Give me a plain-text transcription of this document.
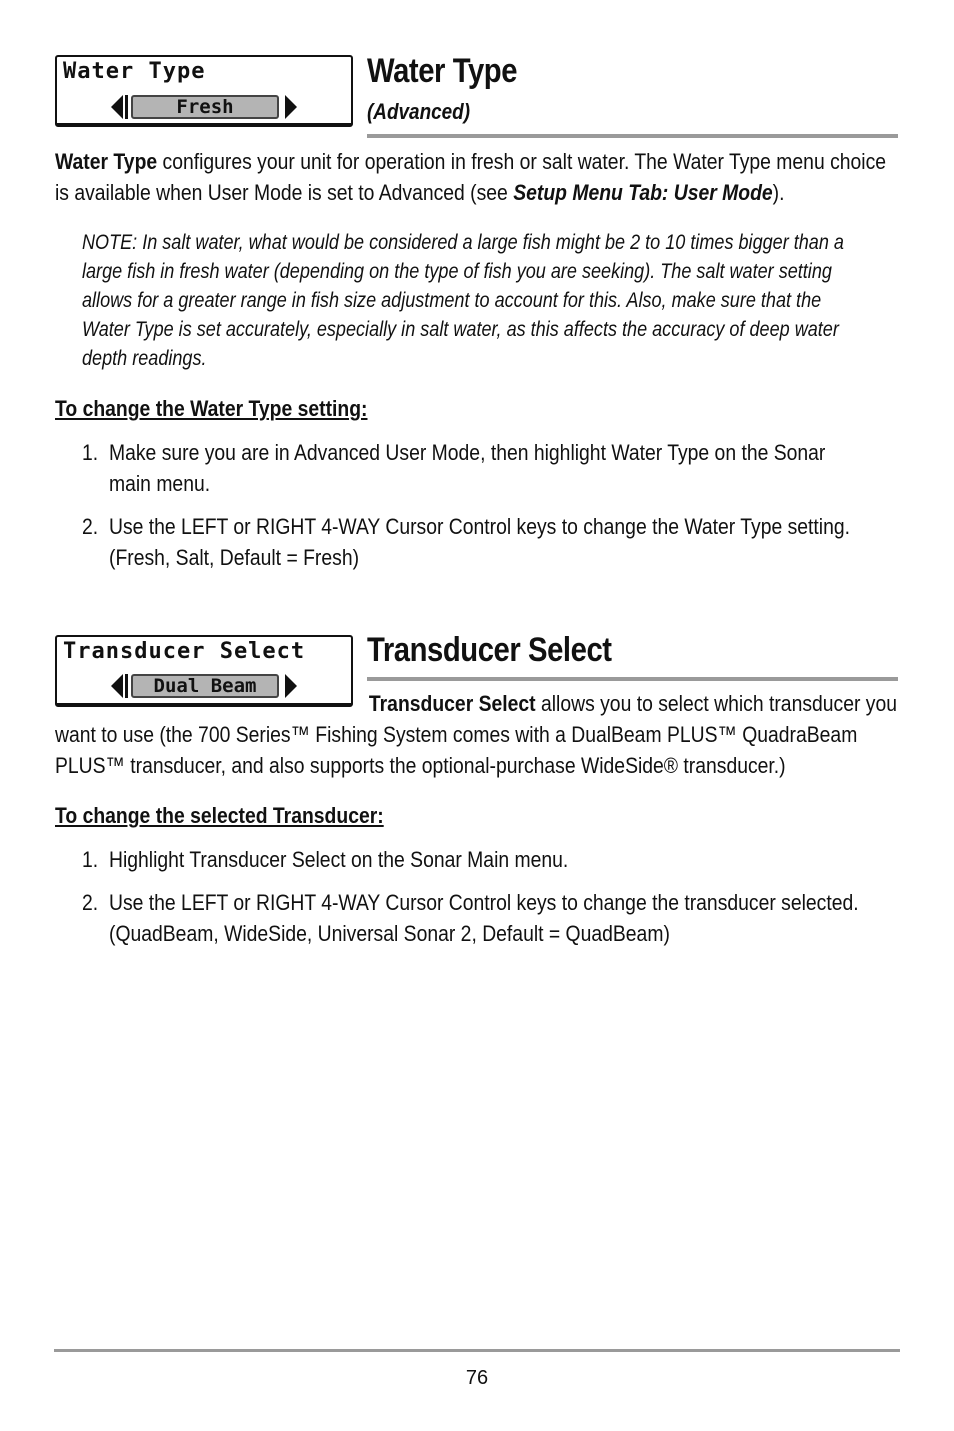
Water Type
Fresh
Water Type
(Advanced)
Water Type configures your unit for operation in fresh or salt water. The Water Type menu choice
is available when User Mode is set to Advanced (see Setup Menu Tab: User Mode).
NOTE: In salt water, what would be considered a large fish might be 2 to 10 times bigger than a
large fish in fresh water (depending on the type of fish you are seeking). The salt water setting
allows for a greater range in fish size adjustment to account for this. Also, make sure that the
Water Type is set accurately, especially in salt water, as this affects the accuracy of deep water
depth readings.
To change the Water Type setting:
1. Make sure you are in Advanced User Mode, then highlight Water Type on the Sonar
main menu.
2. Use the LEFT or RIGHT 4-WAY Cursor Control keys to change the Water Type setting.
(Fresh, Salt, Default = Fresh)
Transducer Select
Dual Beam
Transducer Select
Transducer Select allows you to select which transducer you
want to use (the 700 Series™ Fishing System comes with a DualBeam PLUS™ QuadraBeam
PLUS™ transducer, and also supports the optional-purchase WideSide® transducer.)
To change the selected Transducer:
1. Highlight Transducer Select on the Sonar Main menu.
2. Use the LEFT or RIGHT 4-WAY Cursor Control keys to change the transducer selected.
(QuadBeam, WideSide, Universal Sonar 2, Default = QuadBeam)
76
